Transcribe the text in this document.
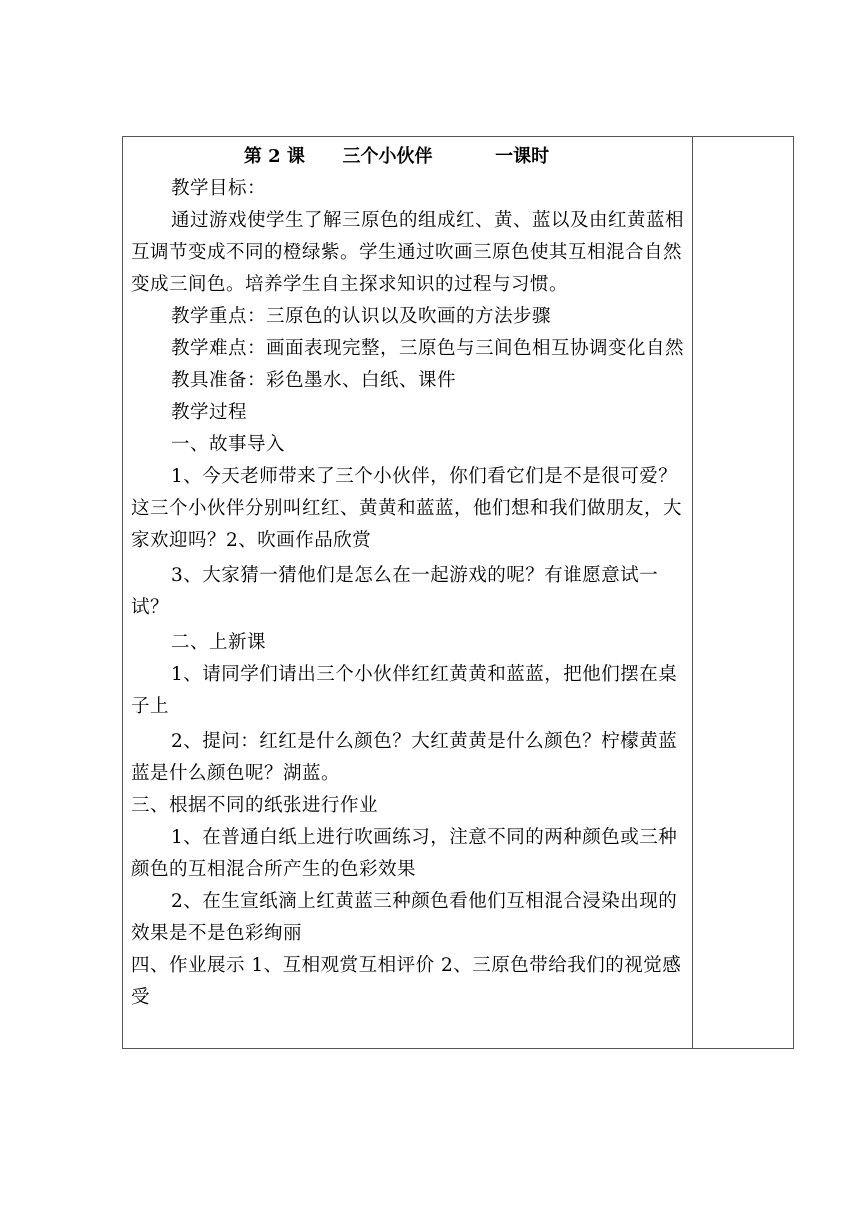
第 2 课      三个小伙伴          一课时

教学目标：

通过游戏使学生了解三原色的组成红、黄、蓝以及由红黄蓝相互调节变成不同的橙绿紫。学生通过吹画三原色使其互相混合自然变成三间色。培养学生自主探求知识的过程与习惯。

教学重点：三原色的认识以及吹画的方法步骤

教学难点：画面表现完整，三原色与三间色相互协调变化自然

教具准备：彩色墨水、白纸、课件

教学过程

一、故事导入

1、今天老师带来了三个小伙伴，你们看它们是不是很可爱？这三个小伙伴分别叫红红、黄黄和蓝蓝，他们想和我们做朋友，大家欢迎吗？2、吹画作品欣赏

3、大家猜一猜他们是怎么在一起游戏的呢？有谁愿意试一试？

二、上新课

1、请同学们请出三个小伙伴红红黄黄和蓝蓝，把他们摆在桌子上

2、提问：红红是什么颜色？大红黄黄是什么颜色？柠檬黄蓝蓝是什么颜色呢？湖蓝。

三、根据不同的纸张进行作业

1、在普通白纸上进行吹画练习，注意不同的两种颜色或三种颜色的互相混合所产生的色彩效果

2、在生宣纸滴上红黄蓝三种颜色看他们互相混合浸染出现的效果是不是色彩绚丽

四、作业展示 1、互相观赏互相评价 2、三原色带给我们的视觉感受
